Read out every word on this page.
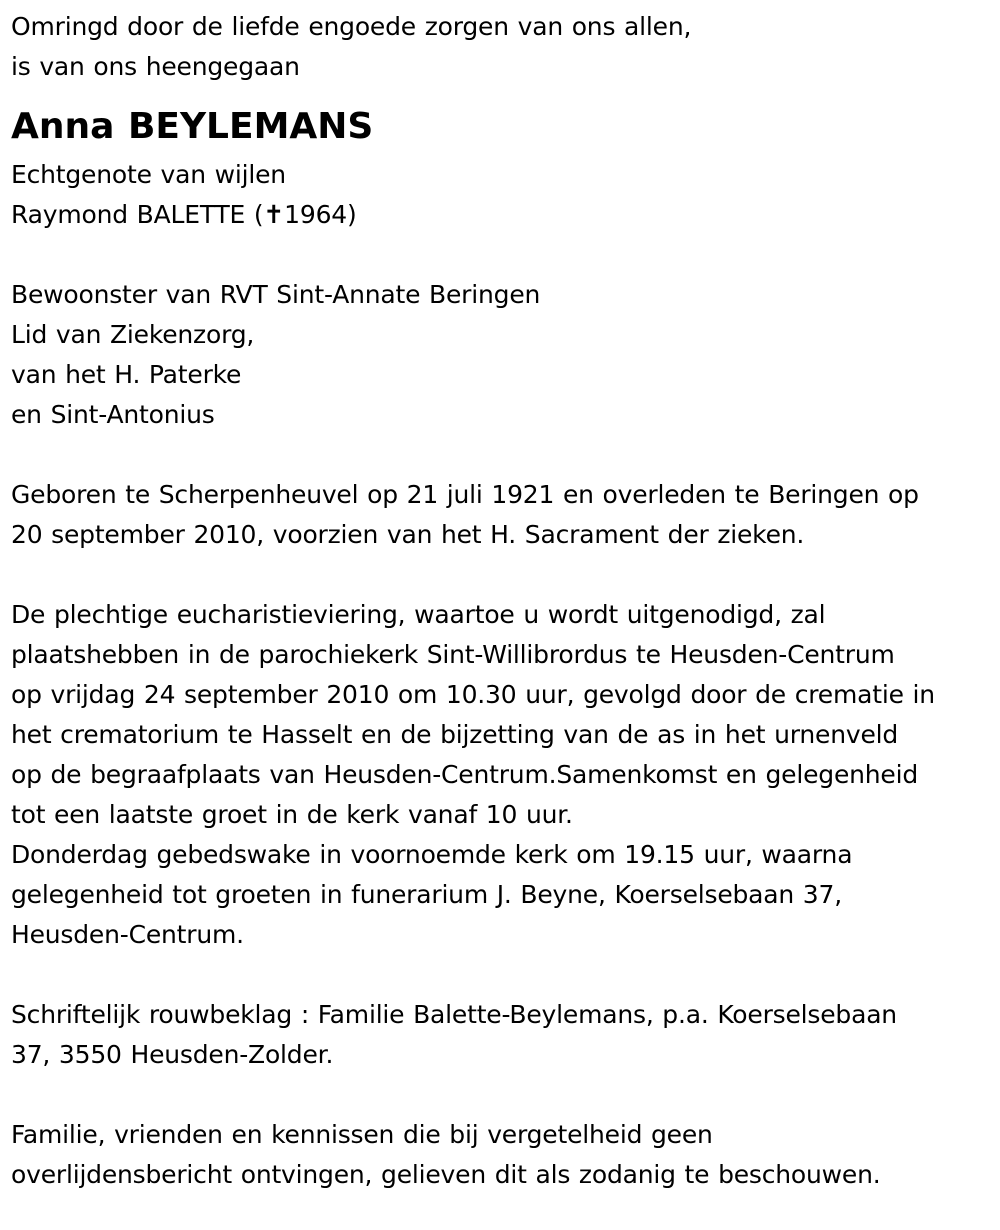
Omringd door de liefde engoede zorgen van ons allen,
is van ons heengegaan
Anna BEYLEMANS
Echtgenote van wijlen
Raymond BALETTE (✝1964)
Bewoonster van RVT Sint-Annate Beringen
Lid van Ziekenzorg,
van het H. Paterke
en Sint-Antonius
Geboren te Scherpenheuvel op 21 juli 1921 en overleden te Beringen op
20 september 2010, voorzien van het H. Sacrament der zieken.
De plechtige eucharistieviering, waartoe u wordt uitgenodigd, zal
plaatshebben in de parochiekerk Sint-Willibrordus te Heusden-Centrum
op vrijdag 24 september 2010 om 10.30 uur, gevolgd door de crematie in
het crematorium te Hasselt en de bijzetting van de as in het urnenveld
op de begraafplaats van Heusden-Centrum.Samenkomst en gelegenheid
tot een laatste groet in de kerk vanaf 10 uur.
Donderdag gebedswake in voornoemde kerk om 19.15 uur, waarna
gelegenheid tot groeten in funerarium J. Beyne, Koerselsebaan 37,
Heusden-Centrum.
Schriftelijk rouwbeklag : Familie Balette-Beylemans, p.a. Koerselsebaan
37, 3550 Heusden-Zolder.
Familie, vrienden en kennissen die bij vergetelheid geen
overlijdensbericht ontvingen, gelieven dit als zodanig te beschouwen.
